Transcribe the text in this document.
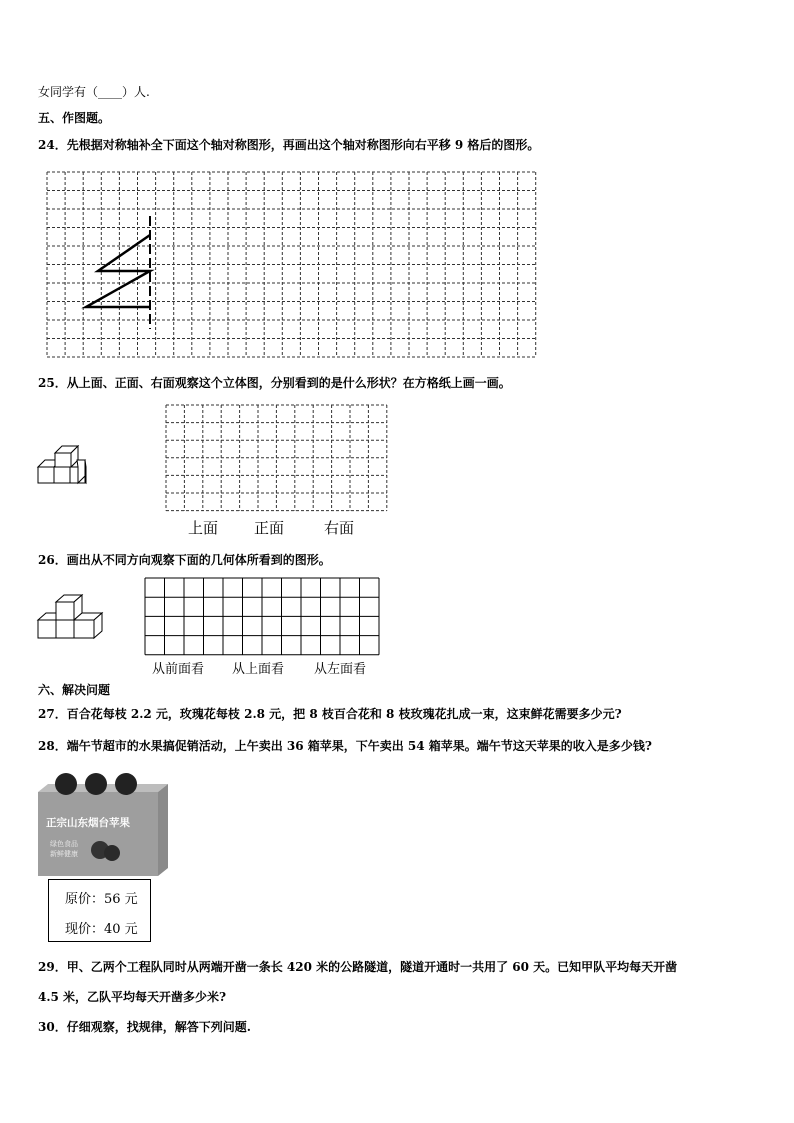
女同学有（____）人.
五、作图题。
24．先根据对称轴补全下面这个轴对称图形，再画出这个轴对称图形向右平移 9 格后的图形。
25．从上面、正面、右面观察这个立体图，分别看到的是什么形状？在方格纸上画一画。
上面 正面	右面
26．画出从不同方向观察下面的几何体所看到的图形。
从前面看 从上面看 从左面看
六、解决问题
27．百合花每枝 2.2 元，玫瑰花每枝 2.8 元，把 8 枝百合花和 8 枝玫瑰花扎成一束，这束鲜花需要多少元?
28．端午节超市的水果搞促销活动，上午卖出 36 箱苹果，下午卖出 54 箱苹果。端午节这天苹果的收入是多少钱?
正宗山东烟台苹果
绿色食品
新鲜健康
原价：56 元
现价：40 元
29．甲、乙两个工程队同时从两端开凿一条长 420 米的公路隧道，隧道开通时一共用了 60 天。已知甲队平均每天开凿
4.5 米，乙队平均每天开凿多少米?
30．仔细观察，找规律，解答下列问题.
